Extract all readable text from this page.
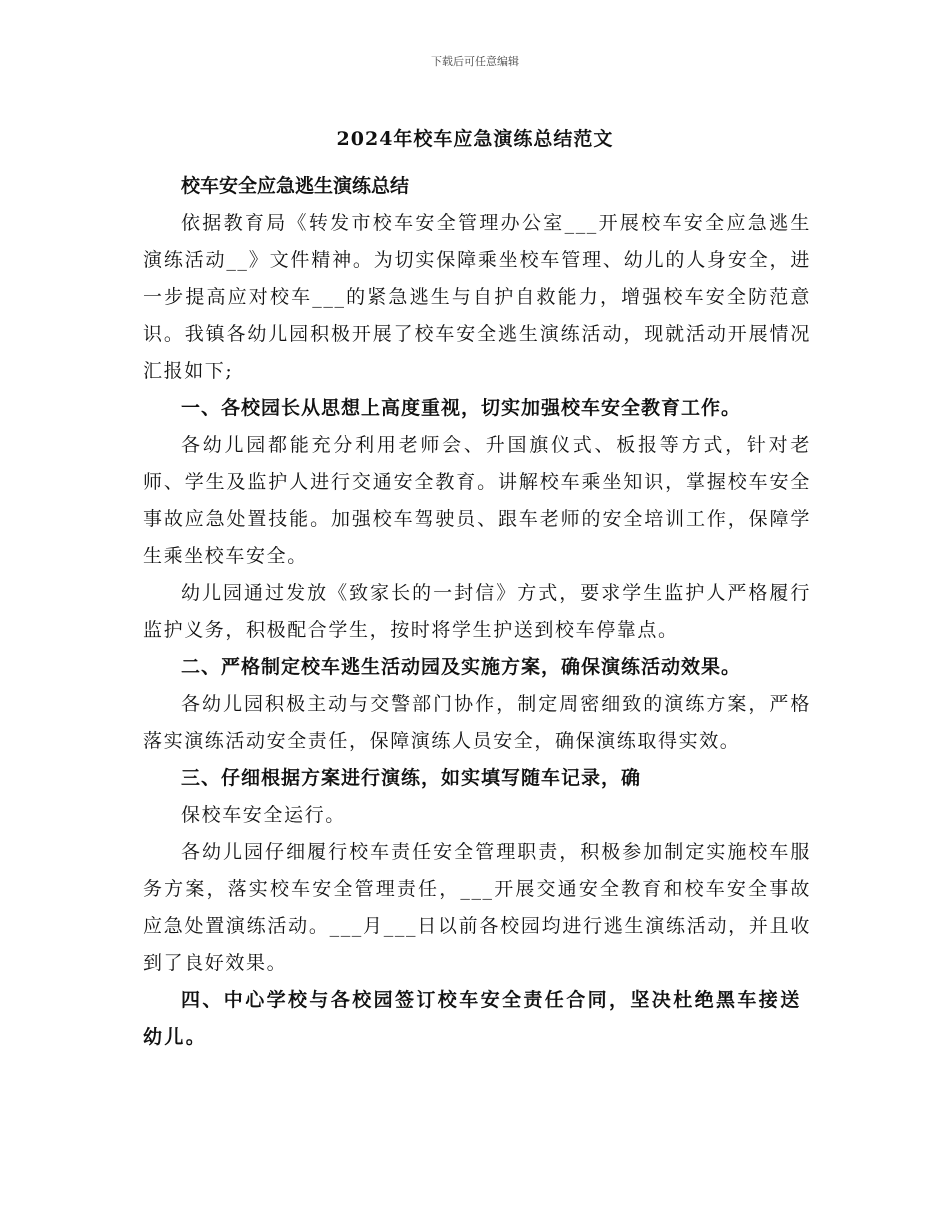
下载后可任意编辑
2024年校车应急演练总结范文

校车安全应急逃生演练总结

依据教育局《转发市校车安全管理办公室___开展校车安全应急逃生演练活动__》文件精神。为切实保障乘坐校车管理、幼儿的人身安全，进一步提高应对校车___的紧急逃生与自护自救能力，增强校车安全防范意识。我镇各幼儿园积极开展了校车安全逃生演练活动，现就活动开展情况汇报如下;

一、各校园长从思想上高度重视，切实加强校车安全教育工作。

各幼儿园都能充分利用老师会、升国旗仪式、板报等方式，针对老师、学生及监护人进行交通安全教育。讲解校车乘坐知识，掌握校车安全事故应急处置技能。加强校车驾驶员、跟车老师的安全培训工作，保障学生乘坐校车安全。

幼儿园通过发放《致家长的一封信》方式，要求学生监护人严格履行监护义务，积极配合学生，按时将学生护送到校车停靠点。

二、严格制定校车逃生活动园及实施方案，确保演练活动效果。

各幼儿园积极主动与交警部门协作，制定周密细致的演练方案，严格落实演练活动安全责任，保障演练人员安全，确保演练取得实效。

三、仔细根据方案进行演练，如实填写随车记录，确

保校车安全运行。

各幼儿园仔细履行校车责任安全管理职责，积极参加制定实施校车服务方案，落实校车安全管理责任，___开展交通安全教育和校车安全事故应急处置演练活动。___月___日以前各校园均进行逃生演练活动，并且收到了良好效果。

四、中心学校与各校园签订校车安全责任合同，坚决杜绝黑车接送幼儿。
